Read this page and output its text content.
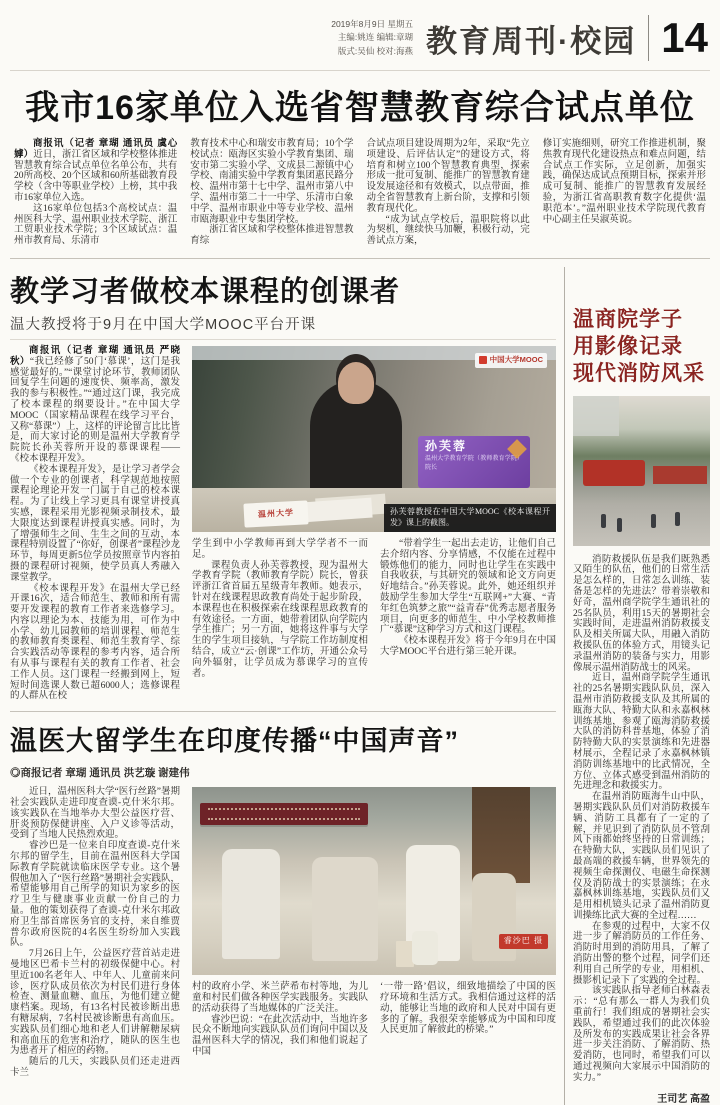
2019年8月9日 星期五
主编:姚连 编辑:章瑚
版式:吴仙 校对:海燕 教育周刊·校园 14
我市16家单位入选省智慧教育综合试点单位

商报讯（记者 章瑚 通讯员 虞心嫭）近日，浙江省区域和学校整体推进智慧教育综合试点单位名单公布，共有20所高校、20个区域和60所基础教育段学校（含中等职业学校）上榜，其中我市16家单位入选。

这16家单位包括3个高校试点：温州医科大学、温州职业技术学院、浙江工贸职业技术学院；3个区域试点：温州市教育局、乐清市

教育技术中心和瑞安市教育局；10个学校试点：瓯海区实验小学教育集团、瑞安市第二实验小学、文成县二源镇中心学校、南浦实验中学教育集团惠民路分校、温州市第十七中学、温州市第八中学、温州市第二十一中学、乐清市白象中学、温州市职业中等专业学校、温州市瓯海职业中专集团学校。

浙江省区域和学校整体推进智慧教育综

合试点项目建设周期为2年，采取“先立项建设、后评估认定”的建设方式，将培育和树立100个智慧教育典型，探索形成一批可复制、能推广的智慧教育建设发展途径和有效模式，以点带面，推动全省智慧教育上新台阶，支撑和引领教育现代化。

“成为试点学校后，温职院将以此为契机，继续快马加鞭，积极行动，完善试点方案，

修订实施细则，研究工作推进机制，聚焦教育现代化建设热点和难点问题，结合试点工作实际，立足创新，加强实践，确保达成试点预期目标，探索并形成可复制、能推广的智慧教育发展经验，为浙江省高职教育数字化提供‘温职范本’。”温州职业技术学院现代教育中心副主任吴淑英说。

教学习者做校本课程的创课者
温大教授将于9月在中国大学MOOC平台开课

商报讯（记者 章瑚 通讯员 严晓秋）“我已经修了50门‘慕课’，这门是我感觉最好的。”“课堂讨论环节，教师团队回复学生问题的速度快、频率高，激发我的参与积极性。”“通过这门课，我完成了校本课程的纲要设计。”在中国大学MOOC（国家精品课程在线学习平台，又称“慕课”）上，这样的评论留言比比皆是，而大家讨论的则是温州大学教育学院院长孙芙蓉所开设的慕课课程——《校本课程开发》。

《校本课程开发》，是让学习者学会做一个专业的创课者，科学规范地按照课程论理论开发一门属于自己的校本课程。为了让线上学习更具有课堂讲授真实感，课程采用光影视频录制技术，最大限度达到课程讲授真实感。同时，为了增强师生之间、生生之间的互动，本课程特别设置了“你好，创课者”课程沙龙环节，每周更新5位学员按照章节内容拍摄的课程研讨视频，使学员真人秀融入课堂教学。

《校本课程开发》在温州大学已经开课16次，适合师范生、教师和所有需要开发课程的教育工作者来选修学习。内容以理论为本、技能为用，可作为中小学、幼儿园教师的培训课程、师范生的教师教育类课程、师范生教育学、综合实践活动等课程的参考内容，适合所有从事与课程有关的教育工作者、社会工作人员。这门课程一经搬到网上，短短时间选课人数已超6000人；选修课程的人群从在校

中国大学MOOC
孙芙蓉
温州大学教育学院（教师教育学院）院长
温州大学	孙芙蓉教授在中国大学MOOC《校本课程开发》课上的截图。

学生到中小学教师再到大学学者不一而足。

课程负责人孙芙蓉教授，现为温州大学教育学院（教师教育学院）院长，曾获评浙江省首届五星级青年教师。她表示，针对在线课程思政教育尚处于起步阶段，本课程也在积极探索在线课程思政教育的有效途径。一方面，她带着团队向学院内学生推广；另一方面，她将这件事与大学生的学生项目接轨，与学院工作坊制度相结合，成立“云·创课”工作坊，开通公众号向外辐射，让学员成为慕课学习的宣传者。

“带着学生一起出去走访，让他们自己去介绍内容、分享情感，不仅能在过程中锻炼他们的能力，同时也让学生在实践中自我收获，与其研究的领域和论文方向更好地结合。”孙芙蓉说。此外，她还组织并鼓励学生参加大学生“互联网+”大赛、“青年红色筑梦之旅”“益青春”优秀志愿者服务项目，向更多的师范生、中小学校教师推广“慕课”这种学习方式和这门课程。

《校本课程开发》将于今年9月在中国大学MOOC平台进行第三轮开课。

温医大留学生在印度传播“中国声音”
◎商报记者 章瑚 通讯员 洪艺璇 谢建伟

近日，温州医科大学“医行丝路”暑期社会实践队走进印度查谟-克什米尔邦。该实践队在当地举办大型公益医疗营、肝炎预防保健讲座、入户义诊等活动，受到了当地人民热烈欢迎。

睿沙巴是一位来自印度查谟-克什米尔邦的留学生，目前在温州医科大学国际教育学院就读临床医学专业。这个暑假他加入了“医行丝路”暑期社会实践队，希望能够用自己所学的知识为家乡的医疗卫生与健康事业贡献一份自己的力量。他的策划获得了查谟-克什米尔邦政府卫生部首席医务官的支持，来自维贾普尔政府医院的4名医生纷纷加入实践队。

7月26日上午，公益医疗营首站走进曼地区巴希卡兰村的初级保健中心。村里近100名老年人、中年人、儿童前来问诊，医疗队成员依次为村民们进行身体检查、测量血糖、血压，为他们建立健康档案。现场，有13名村民被诊断出患有糖尿病，7名村民被诊断患有高血压。实践队员们细心地和老人们讲解糖尿病和高血压的危害和治疗，随队的医生也为患者开了相应的药物。

随后的几天，实践队员们还走进西卡兰

睿沙巴 摄

村的政府小学、米兰萨希布村等地，为儿童和村民们做各种医学实践服务。实践队的活动获得了当地媒体的广泛关注。

睿沙巴说：“在此次活动中，当地许多民众不断地向实践队队员们询问中国以及温州医科大学的情况，我们和他们说起了中国

‘一带一路’倡议，细致地描绘了中国的医疗环境和生活方式。我相信通过这样的活动，能够让当地的政府和人民对中国有更多的了解。我很荣幸能够成为中国和印度人民更加了解彼此的桥梁。”

温商院学子
用影像记录
现代消防风采

消防救援队伍是我们既熟悉又陌生的队伍，他们的日常生活是怎么样的，日常怎么训练、装备是怎样的先进法？带着崇敬和好奇，温州商学院学生通讯社的25名队员，利用15天的暑期社会实践时间，走进温州消防救援支队及相关所属大队，用融入消防救援队伍的体验方式，用镜头记录温州消防的装备与实力，用影像展示温州消防战士的风采。

近日，温州商学院学生通讯社的25名暑期实践队队员，深入温州市消防救援支队及其所属的瓯海大队、特勤大队和永嘉枫林训练基地，参观了瓯海消防救援大队的消防科普基地，体验了消防特勤大队的实景演练和先进器材展示，全程记录了永嘉枫林镇消防训练基地中的比武情况，全方位、立体式感受到温州消防的先进理念和救援实力。

在温州消防瓯海牛山中队，暑期实践队队员们对消防救援车辆、消防工具都有了一定的了解，并见识到了消防队员不管刮风下雨都始终坚持的日常训练；在特勤大队，实践队员们见识了最高端的救援车辆，世界领先的视频生命探测仪、电磁生命探测仪及消防战士的实景演练；在永嘉枫林训练基地，实践队员们又是用相机镜头记录了温州消防夏训操练比武大赛的全过程……

在参观的过程中，大家不仅进一步了解消防员的工作任务、消防时用到的消防用具，了解了消防出警的整个过程，同学们还利用自己所学的专业，用相机、摄影机记录下了实践的全过程。

该实践队指导老师白林森表示：“总有那么一群人为我们负重前行！我们组成的暑期社会实践队，希望通过我们的此次体验及所发布的实践成果让社会各界进一步关注消防、了解消防、热爱消防，也同时，希望我们可以通过视频向大家展示中国消防的实力。”

王司艺 高盈
